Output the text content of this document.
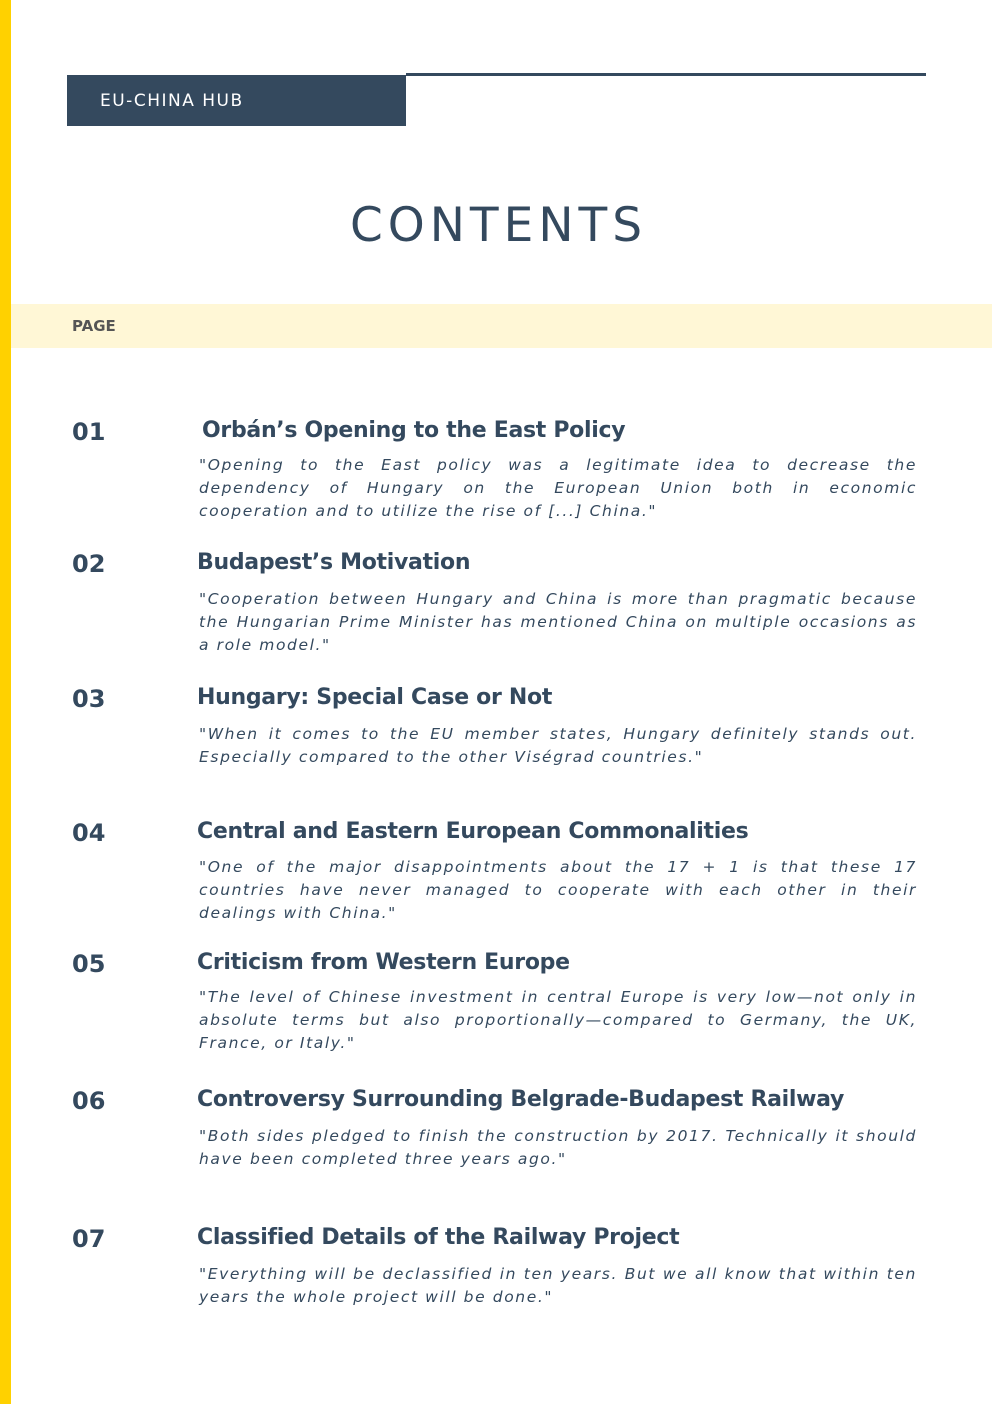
EU-CHINA HUB
CONTENTS
PAGE
01	Orbán’s Opening to the East Policy
"Opening to the East policy was a legitimate idea to decrease the dependency of Hungary on the European Union both in economic cooperation and to utilize the rise of [...] China."
02	Budapest’s Motivation
"Cooperation between Hungary and China is more than pragmatic because the Hungarian Prime Minister has mentioned China on multiple occasions as a role model."
03	Hungary: Special Case or Not
"When it comes to the EU member states, Hungary definitely stands out. Especially compared to the other Viségrad countries."
04	Central and Eastern European Commonalities
"One of the major disappointments about the 17 + 1 is that these 17 countries have never managed to cooperate with each other in their dealings with China."
05	Criticism from Western Europe
"The level of Chinese investment in central Europe is very low—not only in absolute terms but also proportionally—compared to Germany, the UK, France, or Italy."
06	Controversy Surrounding Belgrade-Budapest Railway
"Both sides pledged to finish the construction by 2017. Technically it should have been completed three years ago."
07	Classified Details of the Railway Project
"Everything will be declassified in ten years. But we all know that within ten years the whole project will be done."
